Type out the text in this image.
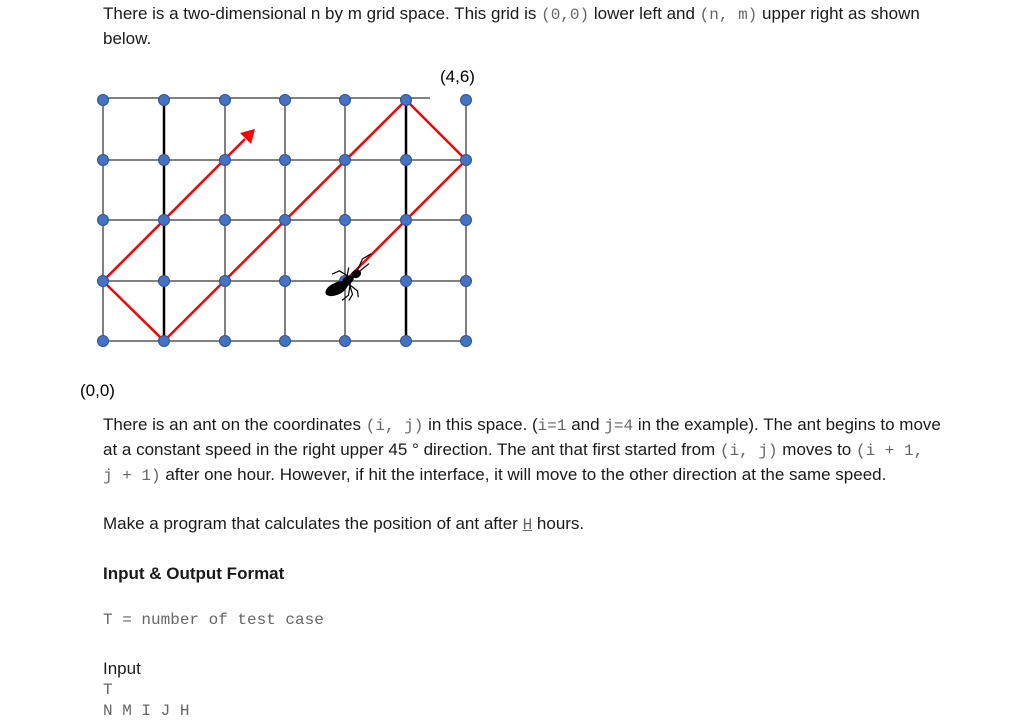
There is a two-dimensional n by m grid space. This grid is (0,0) lower left and (n, m) upper right as shown

below.

(4,6)
(0,0)

There is an ant on the coordinates (i, j) in this space. (i=1 and j=4 in the example). The ant begins to move

at a constant speed in the right upper 45 ° direction. The ant that first started from (i, j) moves to (i + 1,

j + 1) after one hour. However, if hit the interface, it will move to the other direction at the same speed.

Make a program that calculates the position of ant after H hours.

Input & Output Format

T = number of test case

Input

T

N M I J H
